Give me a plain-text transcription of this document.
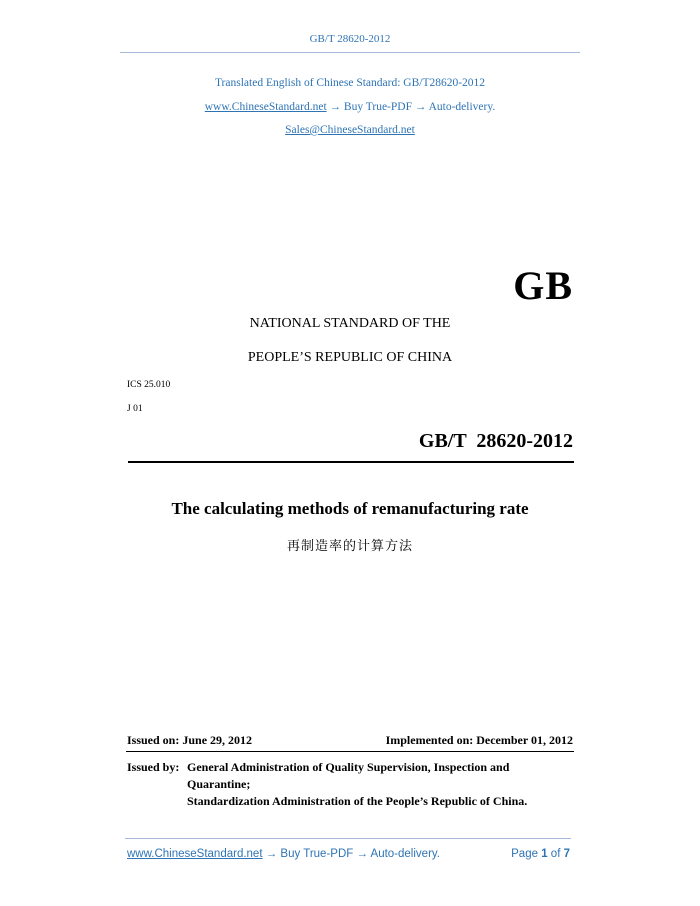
GB/T 28620-2012
Translated English of Chinese Standard: GB/T28620-2012
www.ChineseStandard.net → Buy True-PDF → Auto-delivery.
Sales@ChineseStandard.net
GB
NATIONAL STANDARD OF THE
PEOPLE’S REPUBLIC OF CHINA
ICS 25.010
J 01
GB/T  28620-2012
The calculating methods of remanufacturing rate
再制造率的计算方法
Issued on: June 29, 2012	Implemented on: December 01, 2012
Issued by: General Administration of Quality Supervision, Inspection and
Quarantine;
Standardization Administration of the People’s Republic of China.
www.ChineseStandard.net → Buy True-PDF → Auto-delivery.	Page 1 of 7
